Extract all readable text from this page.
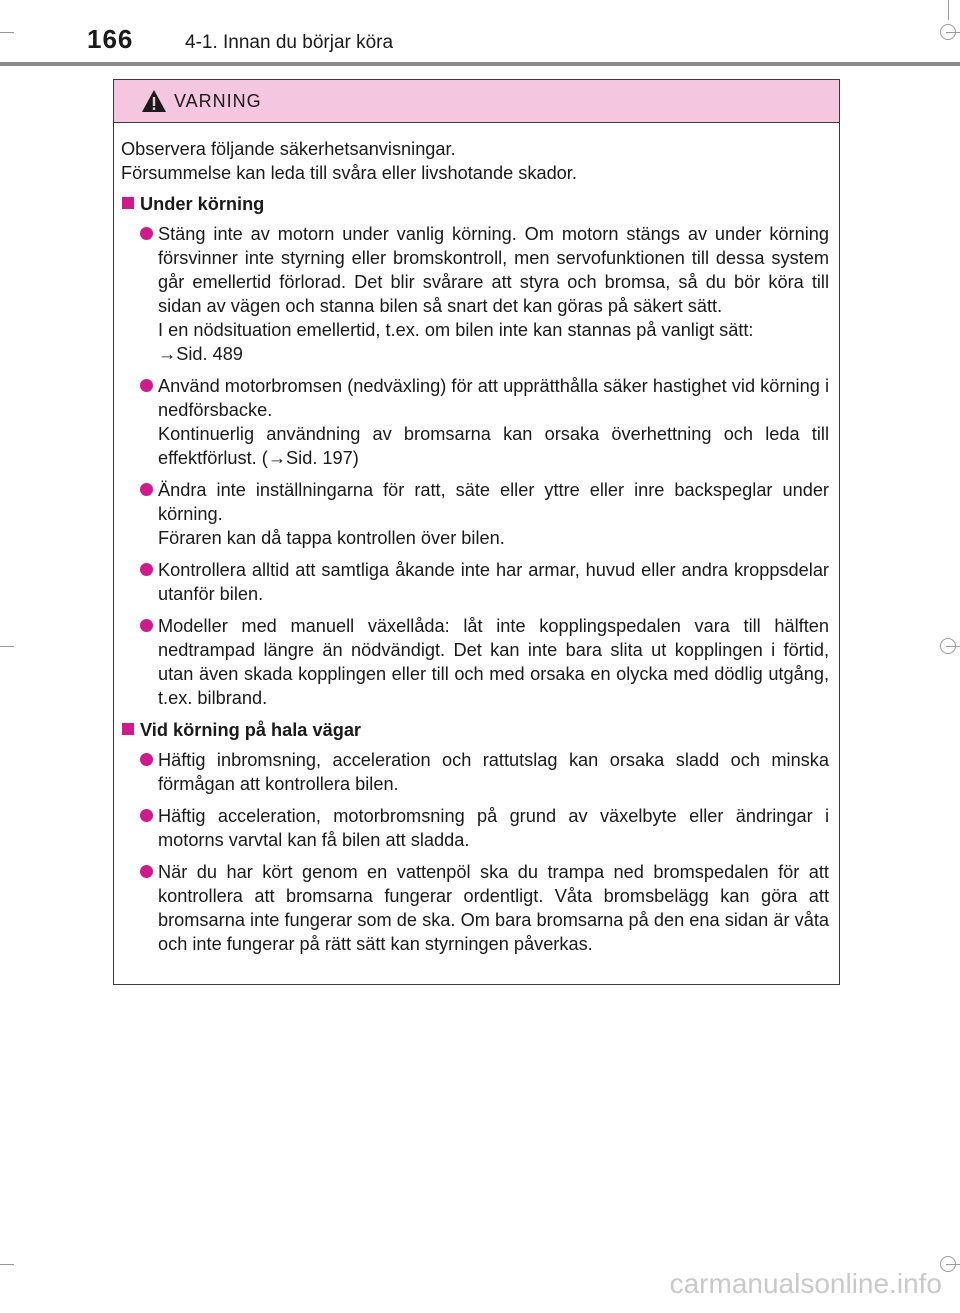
166	4-1. Innan du börjar köra
VARNING
Observera följande säkerhetsanvisningar.
Försummelse kan leda till svåra eller livshotande skador.
Under körning
Stäng inte av motorn under vanlig körning. Om motorn stängs av under körning försvinner inte styrning eller bromskontroll, men servofunktionen till dessa system går emellertid förlorad. Det blir svårare att styra och bromsa, så du bör köra till sidan av vägen och stanna bilen så snart det kan göras på säkert sätt.
I en nödsituation emellertid, t.ex. om bilen inte kan stannas på vanligt sätt:
→Sid. 489
Använd motorbromsen (nedväxling) för att upprätthålla säker hastighet vid körning i nedförsbacke.
Kontinuerlig användning av bromsarna kan orsaka överhettning och leda till effektförlust. (→Sid. 197)
Ändra inte inställningarna för ratt, säte eller yttre eller inre backspeglar under körning.
Föraren kan då tappa kontrollen över bilen.
Kontrollera alltid att samtliga åkande inte har armar, huvud eller andra kroppsdelar utanför bilen.
Modeller med manuell växellåda: låt inte kopplingspedalen vara till hälften nedtrampad längre än nödvändigt. Det kan inte bara slita ut kopplingen i förtid, utan även skada kopplingen eller till och med orsaka en olycka med dödlig utgång, t.ex. bilbrand.
Vid körning på hala vägar
Häftig inbromsning, acceleration och rattutslag kan orsaka sladd och minska förmågan att kontrollera bilen.
Häftig acceleration, motorbromsning på grund av växelbyte eller ändringar i motorns varvtal kan få bilen att sladda.
När du har kört genom en vattenpöl ska du trampa ned bromspedalen för att kontrollera att bromsarna fungerar ordentligt. Våta bromsbelägg kan göra att bromsarna inte fungerar som de ska. Om bara bromsarna på den ena sidan är våta och inte fungerar på rätt sätt kan styrningen påverkas.
carmanualsonline.info
